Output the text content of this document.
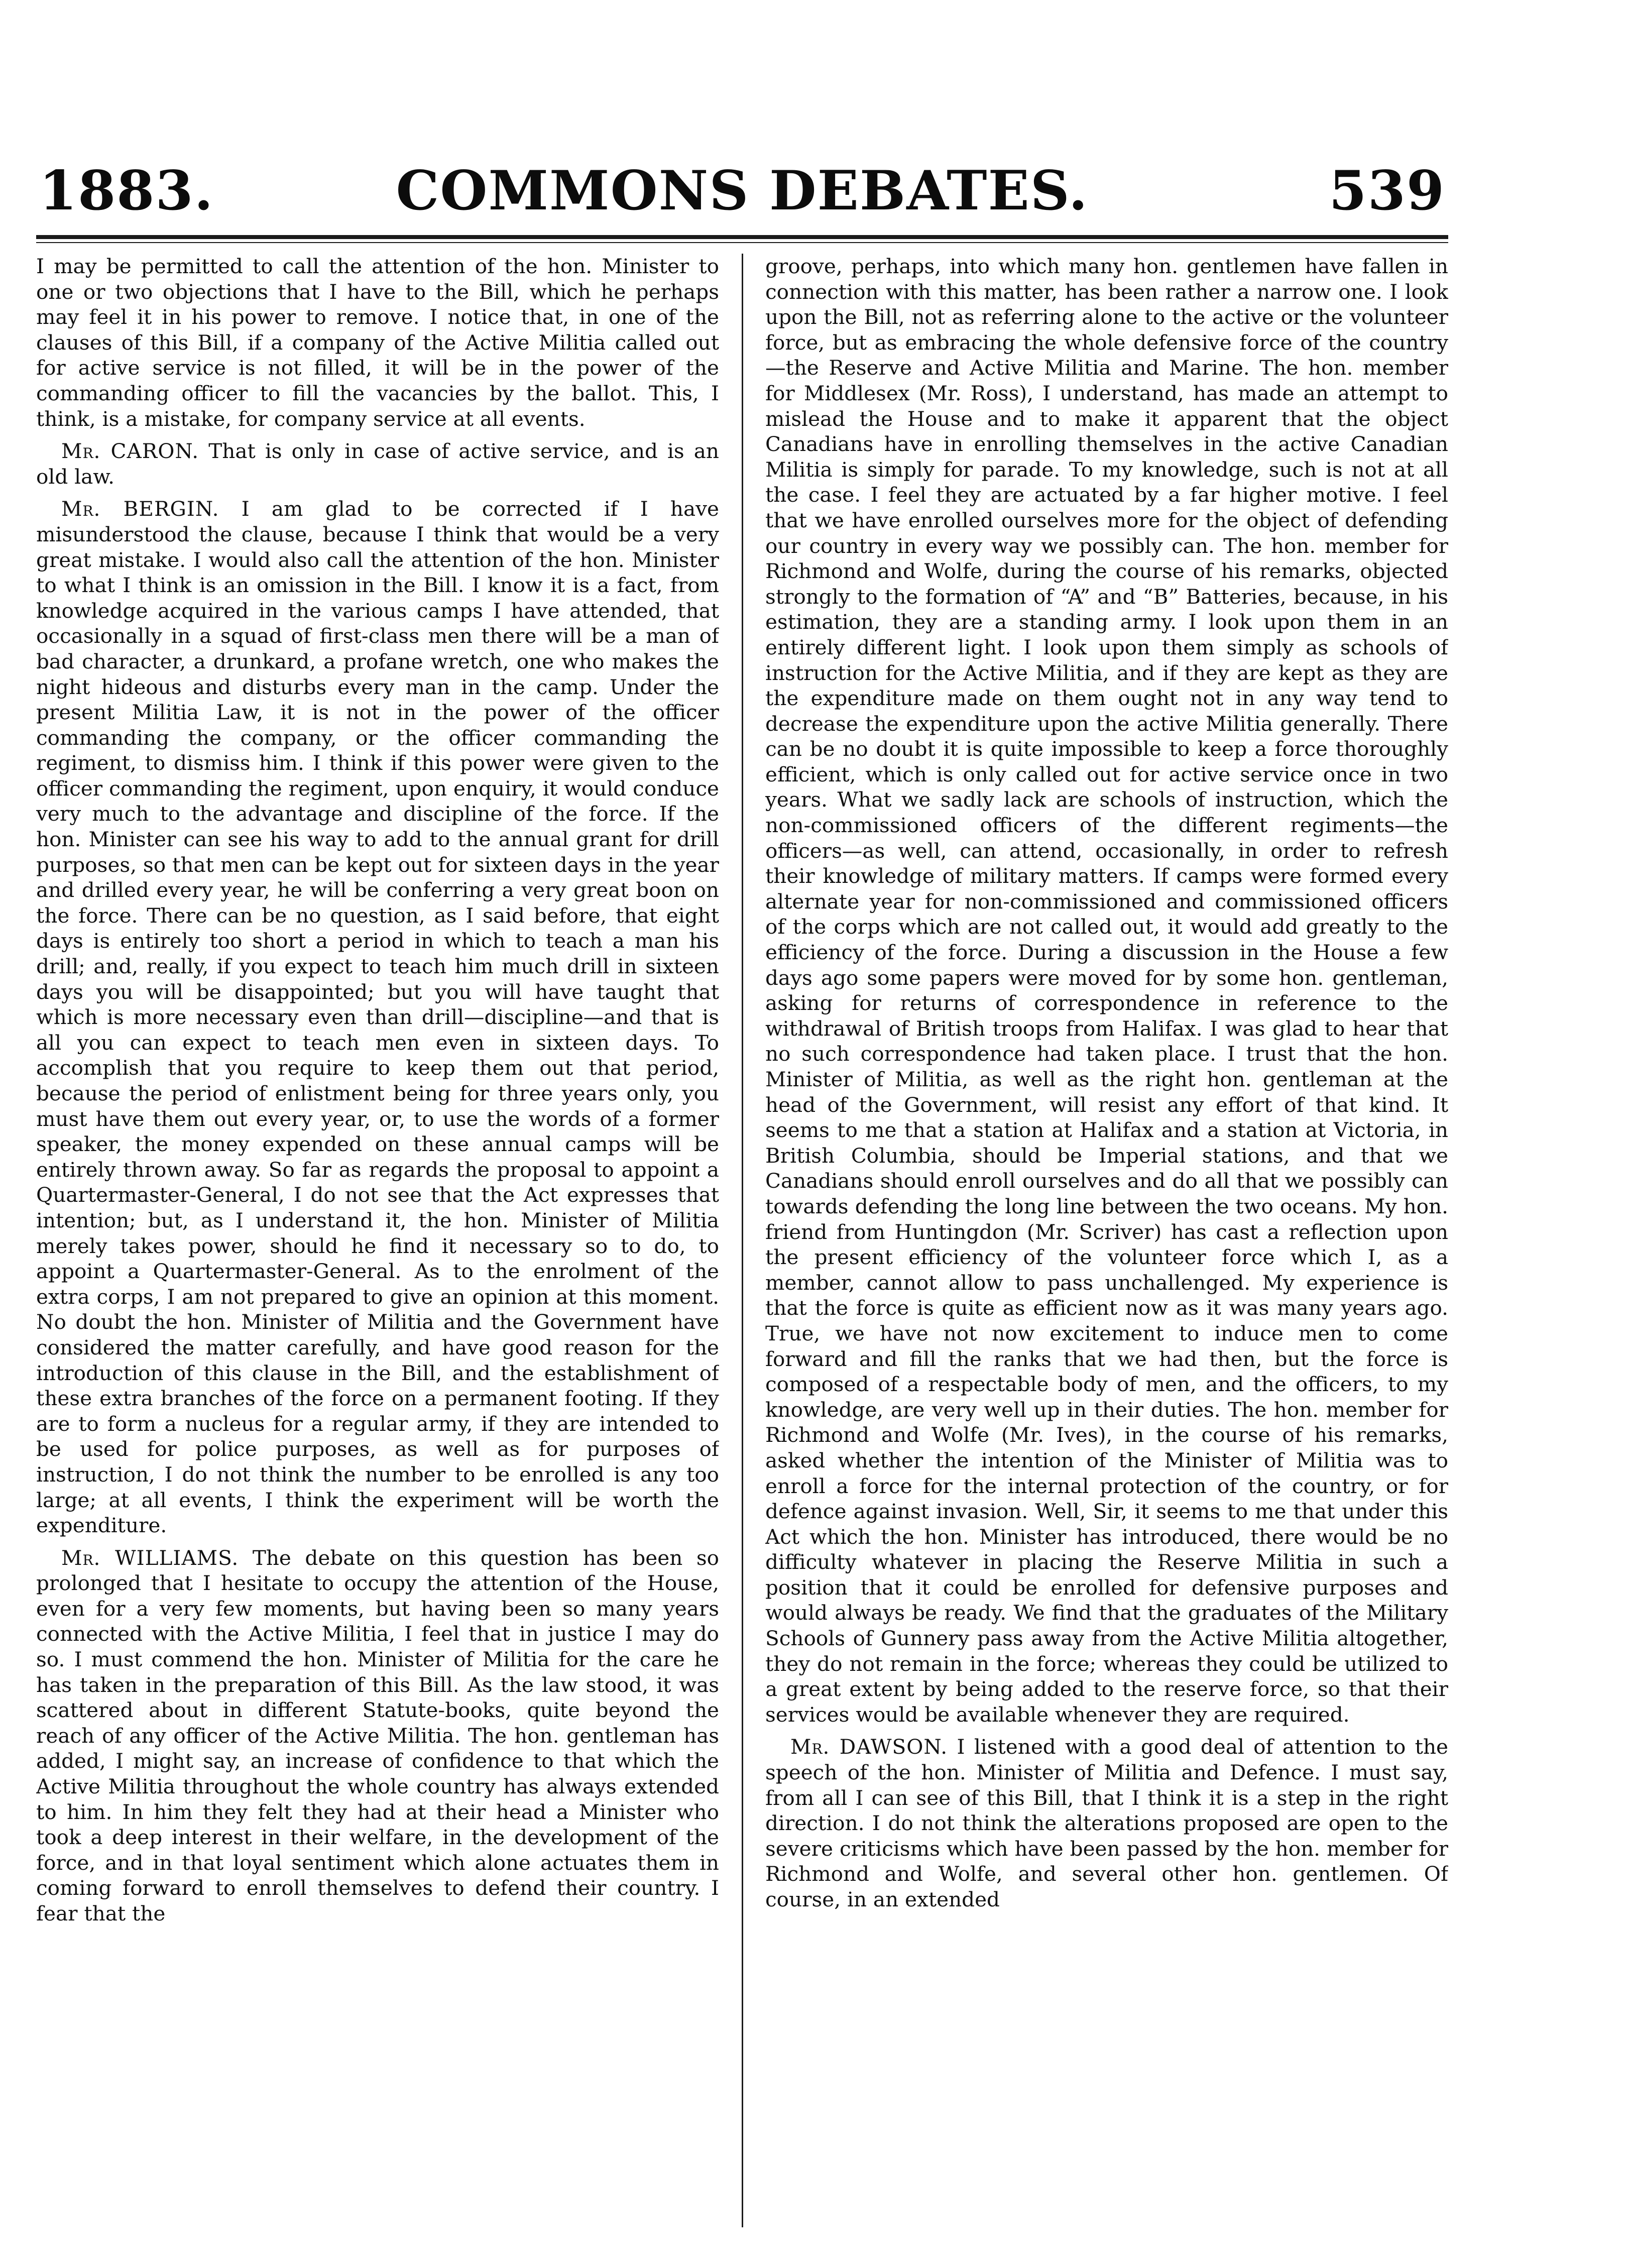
1883.	COMMONS DEBATES.	539

I may be permitted to call the attention of the hon. Minister to one or two objections that I have to the Bill, which he perhaps may feel it in his power to remove. I notice that, in one of the clauses of this Bill, if a company of the Active Militia called out for active service is not filled, it will be in the power of the commanding officer to fill the vacancies by the ballot. This, I think, is a mistake, for company service at all events.

Mr. CARON. That is only in case of active service, and is an old law.

Mr. BERGIN. I am glad to be corrected if I have misunderstood the clause, because I think that would be a very great mistake. I would also call the attention of the hon. Minister to what I think is an omission in the Bill. I know it is a fact, from knowledge acquired in the various camps I have attended, that occasionally in a squad of first-class men there will be a man of bad character, a drunkard, a profane wretch, one who makes the night hideous and disturbs every man in the camp. Under the present Militia Law, it is not in the power of the officer commanding the company, or the officer commanding the regiment, to dismiss him. I think if this power were given to the officer commanding the regiment, upon enquiry, it would conduce very much to the advantage and discipline of the force. If the hon. Minister can see his way to add to the annual grant for drill purposes, so that men can be kept out for sixteen days in the year and drilled every year, he will be conferring a very great boon on the force. There can be no question, as I said before, that eight days is entirely too short a period in which to teach a man his drill; and, really, if you expect to teach him much drill in sixteen days you will be disappointed; but you will have taught that which is more necessary even than drill—discipline—and that is all you can expect to teach men even in sixteen days. To accomplish that you require to keep them out that period, because the period of enlistment being for three years only, you must have them out every year, or, to use the words of a former speaker, the money expended on these annual camps will be entirely thrown away. So far as regards the proposal to appoint a Quartermaster-General, I do not see that the Act expresses that intention; but, as I understand it, the hon. Minister of Militia merely takes power, should he find it necessary so to do, to appoint a Quartermaster-General. As to the enrolment of the extra corps, I am not prepared to give an opinion at this moment. No doubt the hon. Minister of Militia and the Government have considered the matter carefully, and have good reason for the introduction of this clause in the Bill, and the establishment of these extra branches of the force on a permanent footing. If they are to form a nucleus for a regular army, if they are intended to be used for police purposes, as well as for purposes of instruction, I do not think the number to be enrolled is any too large; at all events, I think the experiment will be worth the expenditure.

Mr. WILLIAMS. The debate on this question has been so prolonged that I hesitate to occupy the attention of the House, even for a very few moments, but having been so many years connected with the Active Militia, I feel that in justice I may do so. I must commend the hon. Minister of Militia for the care he has taken in the preparation of this Bill. As the law stood, it was scattered about in different Statute-books, quite beyond the reach of any officer of the Active Militia. The hon. gentleman has added, I might say, an increase of confidence to that which the Active Militia throughout the whole country has always extended to him. In him they felt they had at their head a Minister who took a deep interest in their welfare, in the development of the force, and in that loyal sentiment which alone actuates them in coming forward to enroll themselves to defend their country. I fear that the

groove, perhaps, into which many hon. gentlemen have fallen in connection with this matter, has been rather a narrow one. I look upon the Bill, not as referring alone to the active or the volunteer force, but as embracing the whole defensive force of the country—the Reserve and Active Militia and Marine. The hon. member for Middlesex (Mr. Ross), I understand, has made an attempt to mislead the House and to make it apparent that the object Canadians have in enrolling themselves in the active Canadian Militia is simply for parade. To my knowledge, such is not at all the case. I feel they are actuated by a far higher motive. I feel that we have enrolled ourselves more for the object of defending our country in every way we possibly can. The hon. member for Richmond and Wolfe, during the course of his remarks, objected strongly to the formation of “A” and “B” Batteries, because, in his estimation, they are a standing army. I look upon them in an entirely different light. I look upon them simply as schools of instruction for the Active Militia, and if they are kept as they are the expenditure made on them ought not in any way tend to decrease the expenditure upon the active Militia generally. There can be no doubt it is quite impossible to keep a force thoroughly efficient, which is only called out for active service once in two years. What we sadly lack are schools of instruction, which the non-commissioned officers of the different regiments—the officers—as well, can attend, occasionally, in order to refresh their knowledge of military matters. If camps were formed every alternate year for non-commissioned and commissioned officers of the corps which are not called out, it would add greatly to the efficiency of the force. During a discussion in the House a few days ago some papers were moved for by some hon. gentleman, asking for returns of correspondence in reference to the withdrawal of British troops from Halifax. I was glad to hear that no such correspondence had taken place. I trust that the hon. Minister of Militia, as well as the right hon. gentleman at the head of the Government, will resist any effort of that kind. It seems to me that a station at Halifax and a station at Victoria, in British Columbia, should be Imperial stations, and that we Canadians should enroll ourselves and do all that we possibly can towards defending the long line between the two oceans. My hon. friend from Huntingdon (Mr. Scriver) has cast a reflection upon the present efficiency of the volunteer force which I, as a member, cannot allow to pass unchallenged. My experience is that the force is quite as efficient now as it was many years ago. True, we have not now excitement to induce men to come forward and fill the ranks that we had then, but the force is composed of a respectable body of men, and the officers, to my knowledge, are very well up in their duties. The hon. member for Richmond and Wolfe (Mr. Ives), in the course of his remarks, asked whether the intention of the Minister of Militia was to enroll a force for the internal protection of the country, or for defence against invasion. Well, Sir, it seems to me that under this Act which the hon. Minister has introduced, there would be no difficulty whatever in placing the Reserve Militia in such a position that it could be enrolled for defensive purposes and would always be ready. We find that the graduates of the Military Schools of Gunnery pass away from the Active Militia altogether, they do not remain in the force; whereas they could be utilized to a great extent by being added to the reserve force, so that their services would be available whenever they are required.

Mr. DAWSON. I listened with a good deal of attention to the speech of the hon. Minister of Militia and Defence. I must say, from all I can see of this Bill, that I think it is a step in the right direction. I do not think the alterations proposed are open to the severe criticisms which have been passed by the hon. member for Richmond and Wolfe, and several other hon. gentlemen. Of course, in an extended
